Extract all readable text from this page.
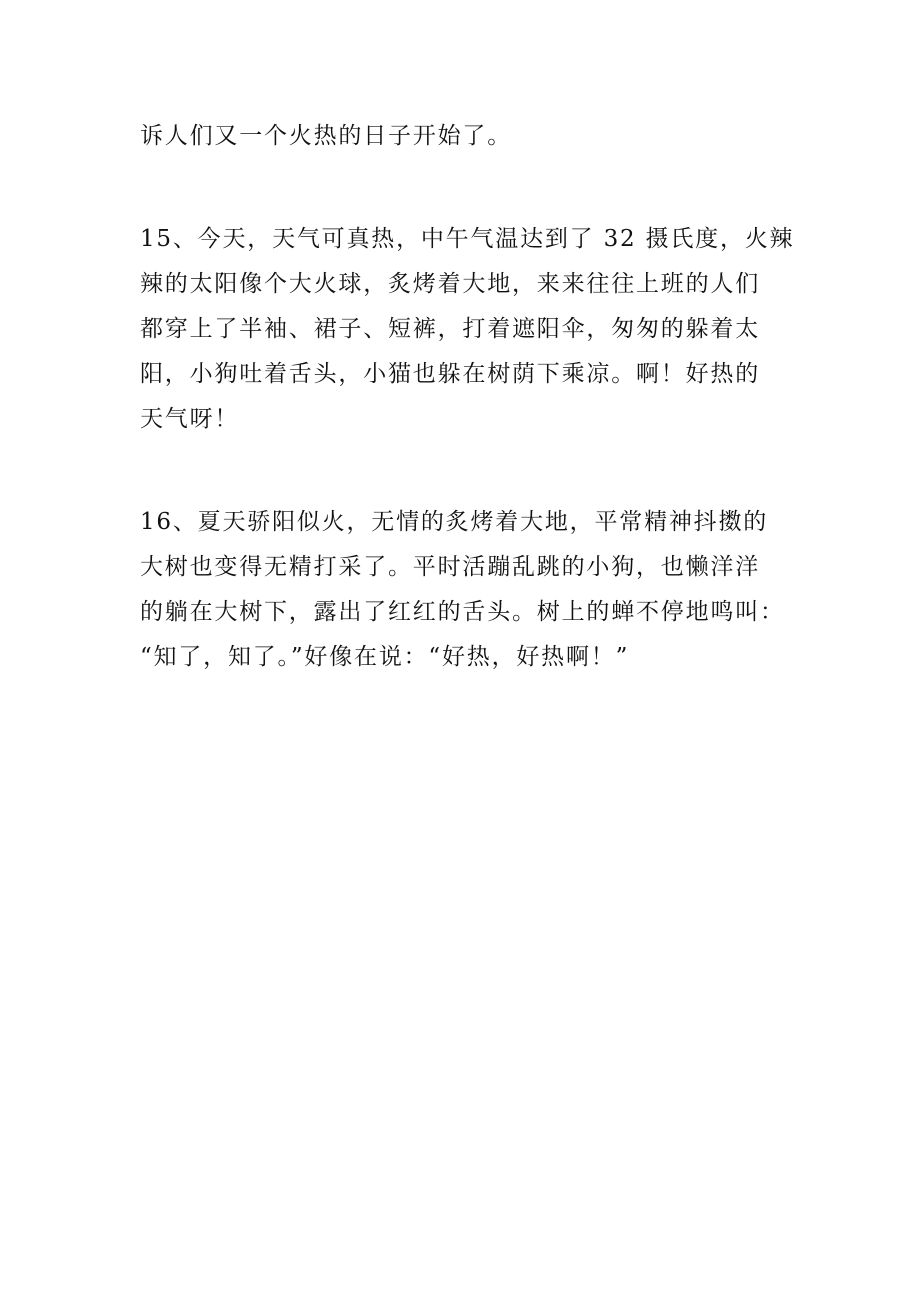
诉人们又一个火热的日子开始了。

15、今天，天气可真热，中午气温达到了 32 摄氏度，火辣
辣的太阳像个大火球，炙烤着大地，来来往往上班的人们
都穿上了半袖、裙子、短裤，打着遮阳伞，匆匆的躲着太
阳，小狗吐着舌头，小猫也躲在树荫下乘凉。啊！好热的
天气呀！

16、夏天骄阳似火，无情的炙烤着大地，平常精神抖擞的
大树也变得无精打采了。平时活蹦乱跳的小狗，也懒洋洋
的躺在大树下，露出了红红的舌头。树上的蝉不停地鸣叫：
“知了，知了。”好像在说：“好热，好热啊！”
